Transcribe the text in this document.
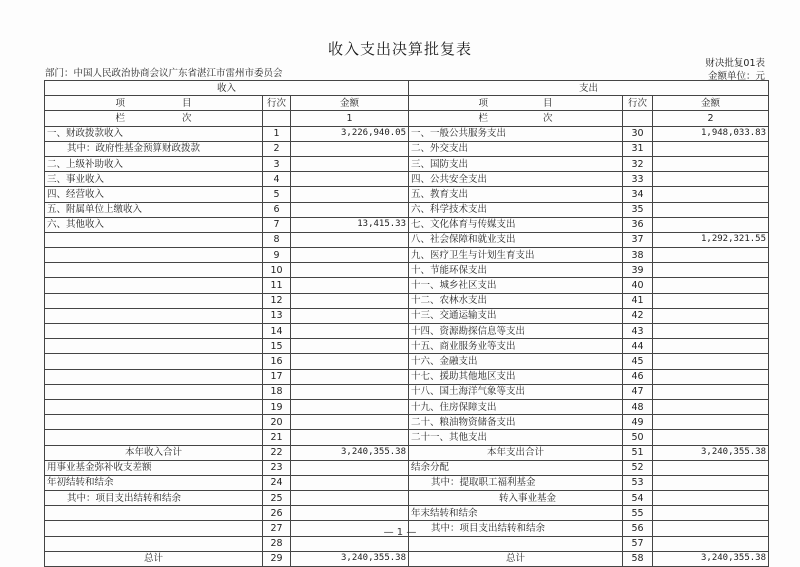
收入支出决算批复表
部门：中国人民政治协商会议广东省湛江市雷州市委员会
财决批复01表
金额单位：元
收入			支出		

项 目	行次	金额	项 目	行次	金额

栏 次		1	栏 次		2
一、财政拨款收入	1	3,226,940.05	一、一般公共服务支出	30	1,948,033.83
其中：政府性基金预算财政拨款	2		二、外交支出	31	
二、上级补助收入	3		三、国防支出	32	
三、事业收入	4		四、公共安全支出	33	
四、经营收入	5		五、教育支出	34	
五、附属单位上缴收入	6		六、科学技术支出	35	
六、其他收入	7	13,415.33	七、文化体育与传媒支出	36	
	8		八、社会保障和就业支出	37	1,292,321.55
	9		九、医疗卫生与计划生育支出	38	
	10		十、节能环保支出	39	
	11		十一、城乡社区支出	40	
	12		十二、农林水支出	41	
	13		十三、交通运输支出	42	
	14		十四、资源勘探信息等支出	43	
	15		十五、商业服务业等支出	44	
	16		十六、金融支出	45	
	17		十七、援助其他地区支出	46	
	18		十八、国土海洋气象等支出	47	
	19		十九、住房保障支出	48	
	20		二十、粮油物资储备支出	49	
	21		二十一、其他支出	50	
本年收入合计	22	3,240,355.38	本年支出合计	51	3,240,355.38
用事业基金弥补收支差额	23		结余分配	52	
年初结转和结余	24		其中：提取职工福利基金	53	
其中：项目支出结转和结余	25		转入事业基金	54	
	26		年末结转和结余	55	
	27		其中：项目支出结转和结余	56	
	28			57	
总计	29	3,240,355.38	总计	58	3,240,355.38
— 1 —
